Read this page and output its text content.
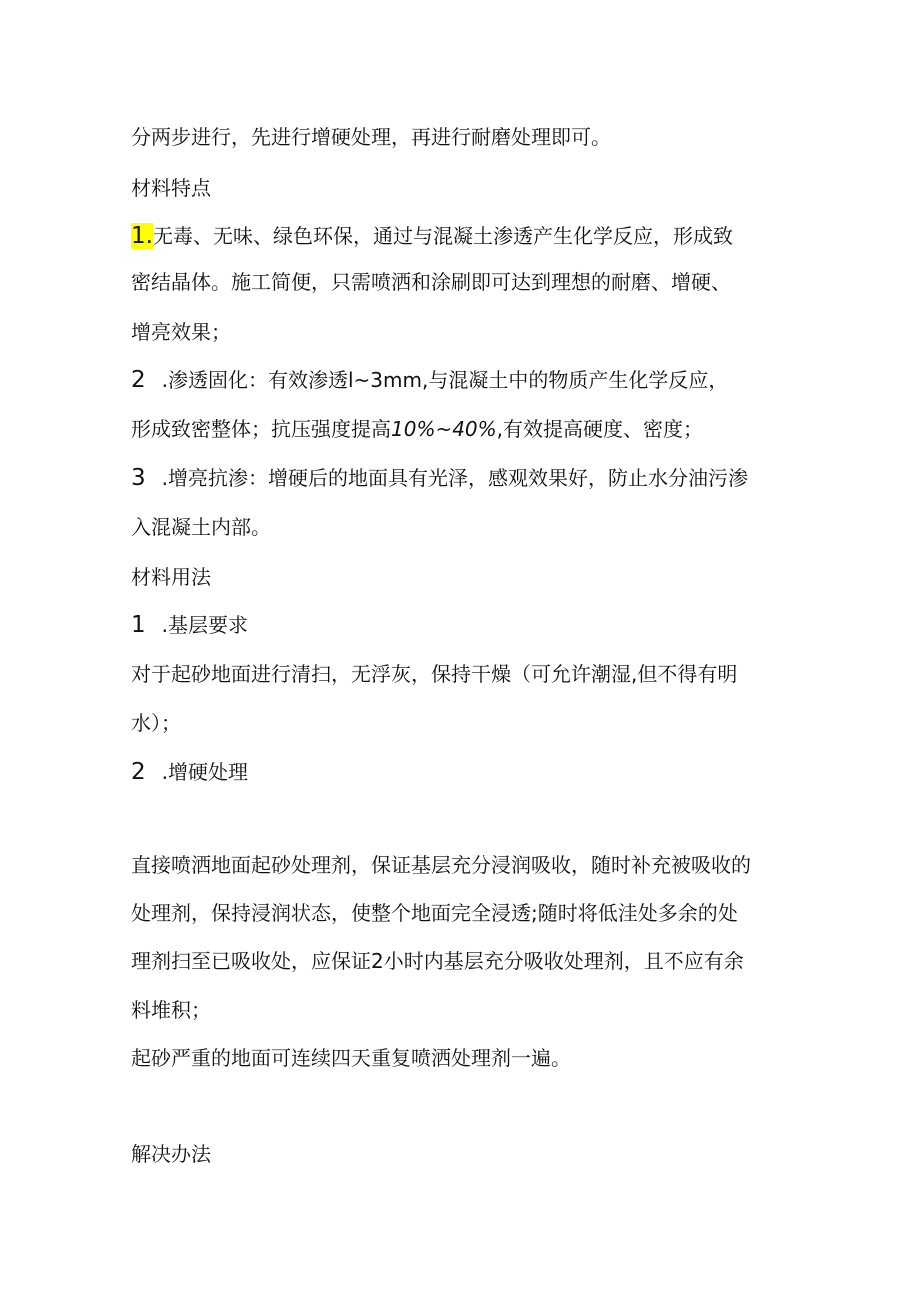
分两步进行，先进行增硬处理，再进行耐磨处理即可。
材料特点
1.无毒、无味、绿色环保，通过与混凝土渗透产生化学反应，形成致
密结晶体。施工简便，只需喷洒和涂刷即可达到理想的耐磨、增硬、
增亮效果；
2 .渗透固化：有效渗透l~3mm,与混凝土中的物质产生化学反应，
形成致密整体；抗压强度提高10%~40%,有效提高硬度、密度；
3 .增亮抗渗：增硬后的地面具有光泽，感观效果好，防止水分油污渗
入混凝土内部。
材料用法
1 .基层要求
对于起砂地面进行清扫，无浮灰，保持干燥（可允许潮湿,但不得有明
水）；
2 .增硬处理
直接喷洒地面起砂处理剂，保证基层充分浸润吸收，随时补充被吸收的
处理剂，保持浸润状态，使整个地面完全浸透;随时将低洼处多余的处
理剂扫至已吸收处，应保证2小时内基层充分吸收处理剂，且不应有余
料堆积；
起砂严重的地面可连续四天重复喷洒处理剂一遍。
解决办法
